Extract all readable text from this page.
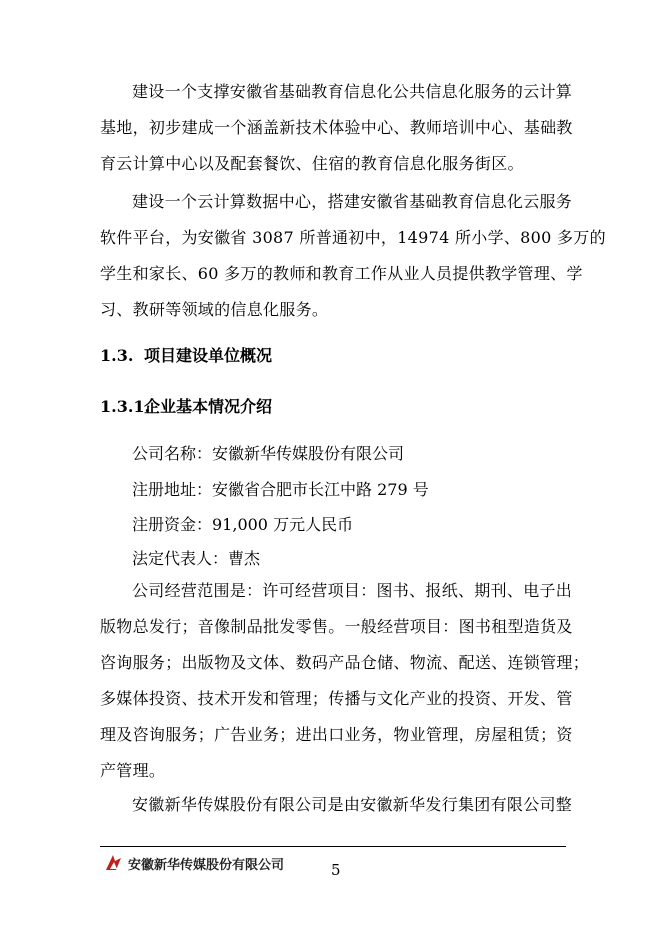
建设一个支撑安徽省基础教育信息化公共信息化服务的云计算
基地，初步建成一个涵盖新技术体验中心、教师培训中心、基础教
育云计算中心以及配套餐饮、住宿的教育信息化服务街区。
建设一个云计算数据中心，搭建安徽省基础教育信息化云服务
软件平台，为安徽省 3087 所普通初中，14974 所小学、800 多万的
学生和家长、60 多万的教师和教育工作从业人员提供教学管理、学
习、教研等领域的信息化服务。
1.3. 项目建设单位概况
1.3.1.企业基本情况介绍
公司名称：安徽新华传媒股份有限公司
注册地址：安徽省合肥市长江中路 279 号
注册资金：91,000 万元人民币
法定代表人：曹杰
公司经营范围是：许可经营项目：图书、报纸、期刊、电子出
版物总发行；音像制品批发零售。一般经营项目：图书租型造货及
咨询服务；出版物及文体、数码产品仓储、物流、配送、连锁管理；
多媒体投资、技术开发和管理；传播与文化产业的投资、开发、管
理及咨询服务；广告业务；进出口业务，物业管理，房屋租赁；资
产管理。
安徽新华传媒股份有限公司是由安徽新华发行集团有限公司整
安徽新华传媒股份有限公司	5
